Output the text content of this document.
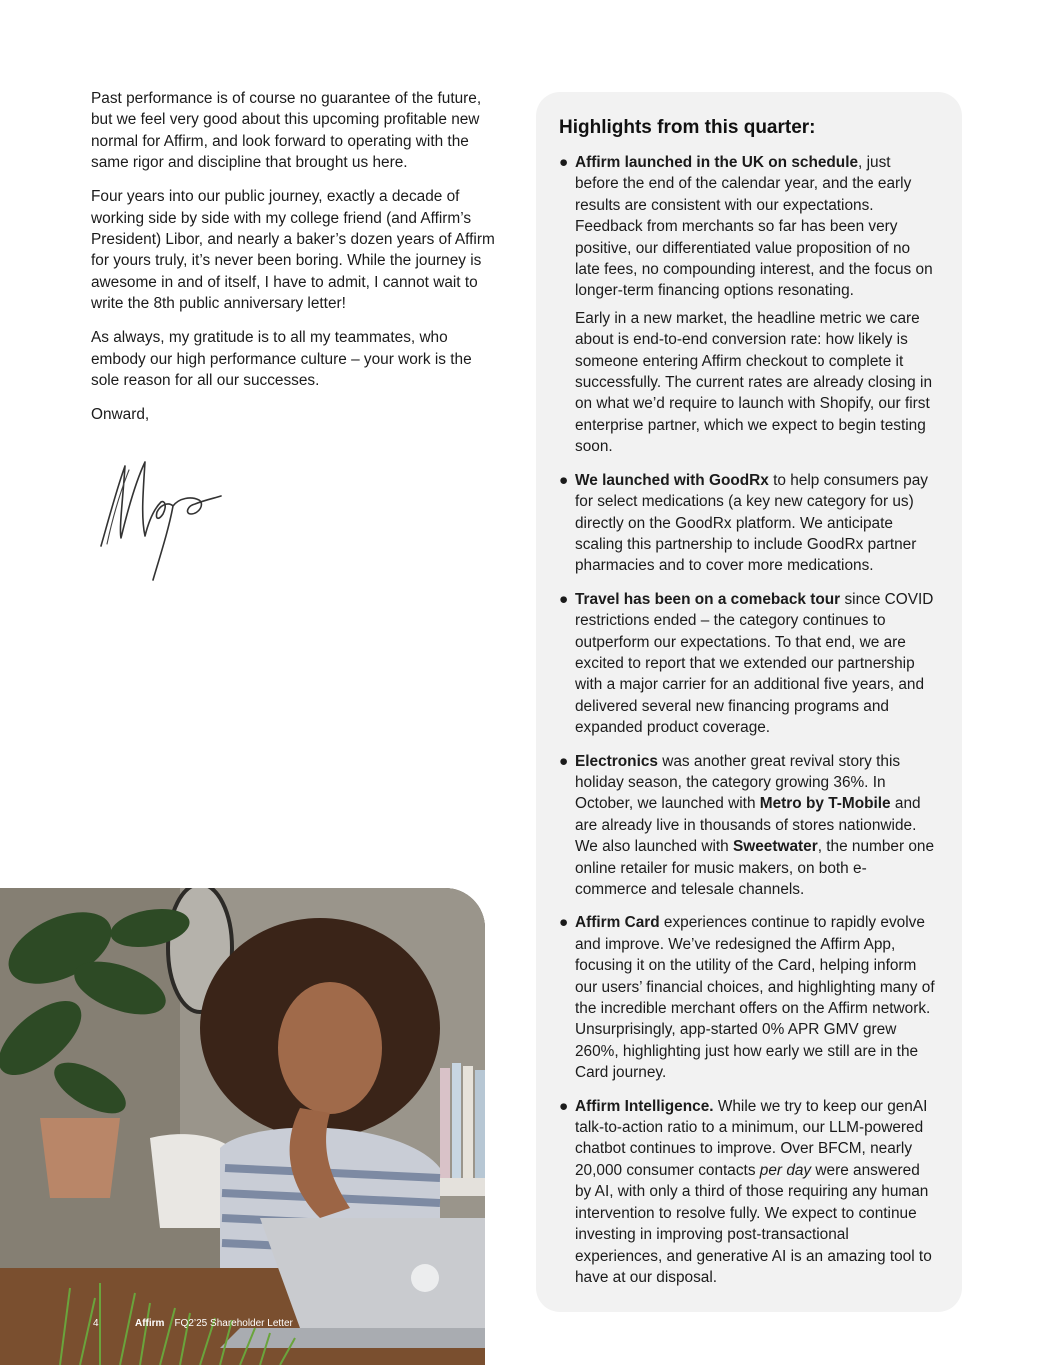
Past performance is of course no guarantee of the future, but we feel very good about this upcoming profitable new normal for Affirm, and look forward to operating with the same rigor and discipline that brought us here.

Four years into our public journey, exactly a decade of working side by side with my college friend (and Affirm’s President) Libor, and nearly a baker’s dozen years of Affirm for yours truly, it’s never been boring. While the journey is awesome in and of itself, I have to admit, I cannot wait to write the 8th public anniversary letter!

As always, my gratitude is to all my teammates, who embody our high performance culture – your work is the sole reason for all our successes.

Onward,

4	Affirm FQ2’25 Shareholder Letter
Highlights from this quarter:
● Affirm launched in the UK on schedule, just before the end of the calendar year, and the early results are consistent with our expectations. Feedback from merchants so far has been very positive, our differentiated value proposition of no late fees, no compounding interest, and the focus on longer-term financing options resonating.
Early in a new market, the headline metric we care about is end-to-end conversion rate: how likely is someone entering Affirm checkout to complete it successfully. The current rates are already closing in on what we’d require to launch with Shopify, our first enterprise partner, which we expect to begin testing soon.
● We launched with GoodRx to help consumers pay for select medications (a key new category for us) directly on the GoodRx platform. We anticipate scaling this partnership to include GoodRx partner pharmacies and to cover more medications.
● Travel has been on a comeback tour since COVID restrictions ended – the category continues to outperform our expectations. To that end, we are excited to report that we extended our partnership with a major carrier for an additional five years, and delivered several new financing programs and expanded product coverage.
● Electronics was another great revival story this holiday season, the category growing 36%. In October, we launched with Metro by T-Mobile and are already live in thousands of stores nationwide. We also launched with Sweetwater, the number one online retailer for music makers, on both e-commerce and telesale channels.
● Affirm Card experiences continue to rapidly evolve and improve. We’ve redesigned the Affirm App, focusing it on the utility of the Card, helping inform our users’ financial choices, and highlighting many of the incredible merchant offers on the Affirm network. Unsurprisingly, app-started 0% APR GMV grew 260%, highlighting just how early we still are in the Card journey.
● Affirm Intelligence. While we try to keep our genAI talk-to-action ratio to a minimum, our LLM-powered chatbot continues to improve. Over BFCM, nearly 20,000 consumer contacts per day were answered by AI, with only a third of those requiring any human intervention to resolve fully. We expect to continue investing in improving post-transactional experiences, and generative AI is an amazing tool to have at our disposal.
